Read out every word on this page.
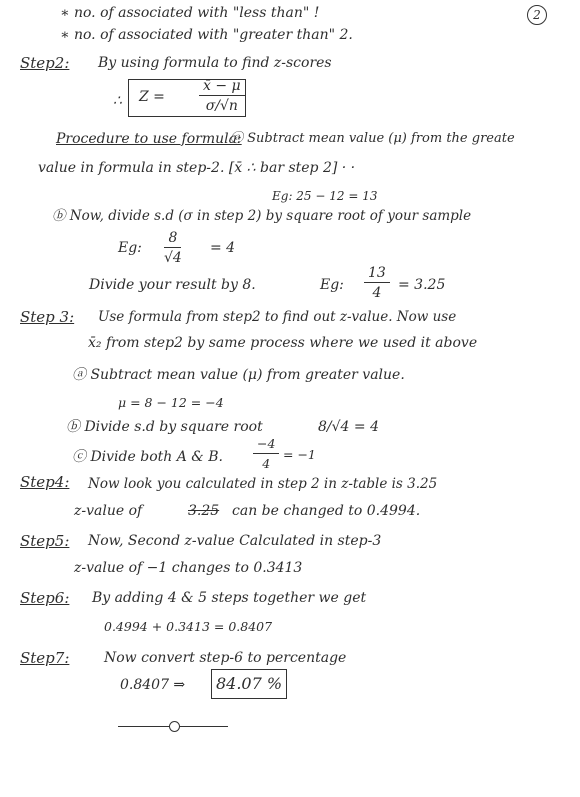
2
∗ no. of associated with "less than" !
∗ no. of associated with "greater than" 2.
Step2: By using formula to find z-scores
∴ $Z = \frac{x̄ - \mu}{\sigma/√n}$
Procedure to use formula:
ⓐ Subtract mean value (μ) from the greate
value in formula in step-2. [x̄ ∴ bar step 2] · ·
Eg: 25 − 12 = 13
ⓑ Now, divide s.d (σ in step 2) by square root of your sample
Eg: $\frac{8}{√4} = 4$
Divide your result by 8.	Eg: $\frac{13}{4} = 3.25$
Step 3: Use formula from step2 to find out z-value. Now use
x̄₂ from step2 by same process where we used it above
ⓐ Subtract mean value (μ) from greater value.
μ = 8 − 12 = −4
ⓑ Divide s.d by square root	8/√4 = 4
ⓒ Divide both A & B. $\frac{-4}{4} = -1$
Step4: Now look you calculated in step 2 in z-table is 3.25
z-value of	3.25 can be changed to 0.4994.
Step5: Now, Second z-value Calculated in step-3
z-value of −1 changes to 0.3413
Step6: By adding 4 & 5 steps together we get
0.4994 + 0.3413 = 0.8407
Step7: Now convert step-6 to percentage
0.8407 ⇒	84.07 %
